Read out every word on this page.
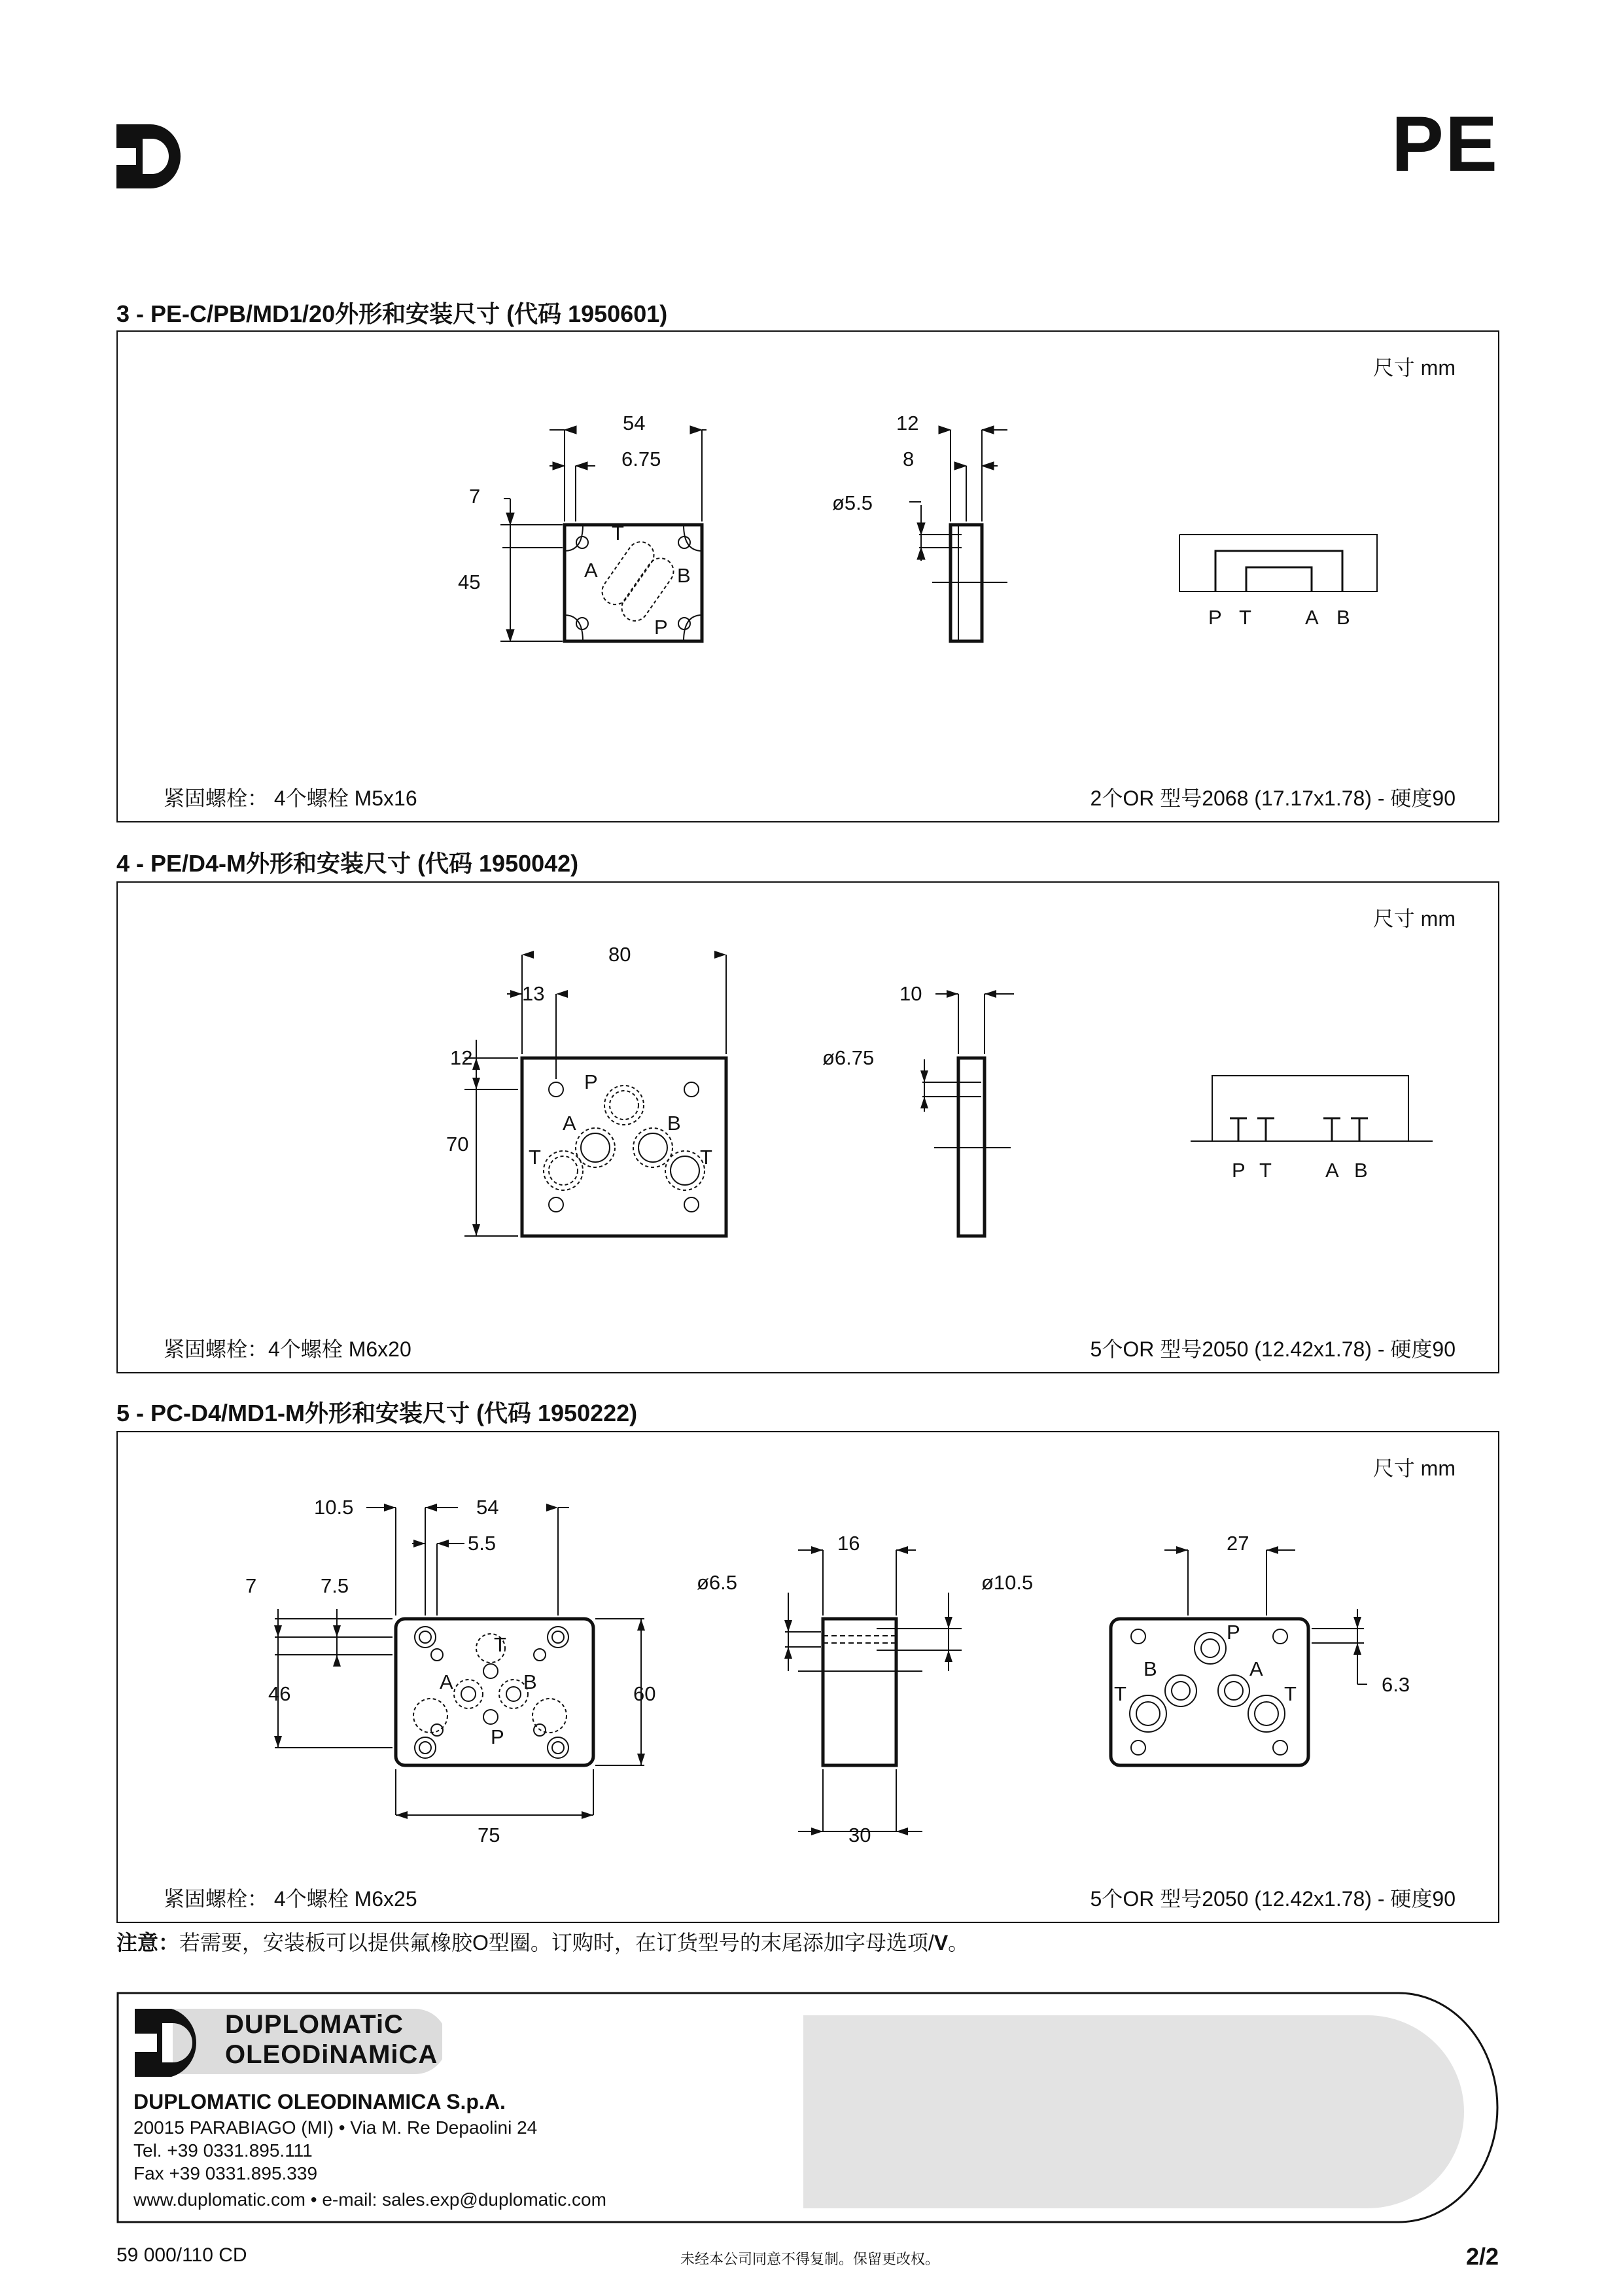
PE
3 - PE-C/PB/MD1/20外形和安装尺寸 (代码 1950601)
尺寸 mm
54
6.75
7
45
12
8
ø5.5
T
A	B
P	P T	A B
紧固螺栓： 4个螺栓 M5x16	2个OR 型号2068 (17.17x1.78) - 硬度90
4 - PE/D4-M外形和安装尺寸 (代码 1950042)
尺寸 mm
80
13
12
70
10
ø6.75
P
A	B
T	T
P T	A B
紧固螺栓：4个螺栓 M6x20	5个OR 型号2050 (12.42x1.78) - 硬度90
5 - PC-D4/MD1-M外形和安装尺寸 (代码 1950222)
尺寸 mm
10.5	54
5.5
7	7.5
46	60
75
ø6.5
16
ø10.5
30
27
6.3
T
A	B
P
P
B	A
T	T
紧固螺栓： 4个螺栓 M6x25	5个OR 型号2050 (12.42x1.78) - 硬度90
注意：若需要，安装板可以提供氟橡胶O型圈。订购时，在订货型号的末尾添加字母选项/V。
DUPLOMATiC
OLEODiNAMiCA
DUPLOMATIC OLEODINAMICA S.p.A.
20015 PARABIAGO (MI) • Via M. Re Depaolini 24
Tel. +39 0331.895.111
Fax +39 0331.895.339
www.duplomatic.com • e-mail: sales.exp@duplomatic.com
59 000/110 CD	未经本公司同意不得复制。保留更改权。	2/2
